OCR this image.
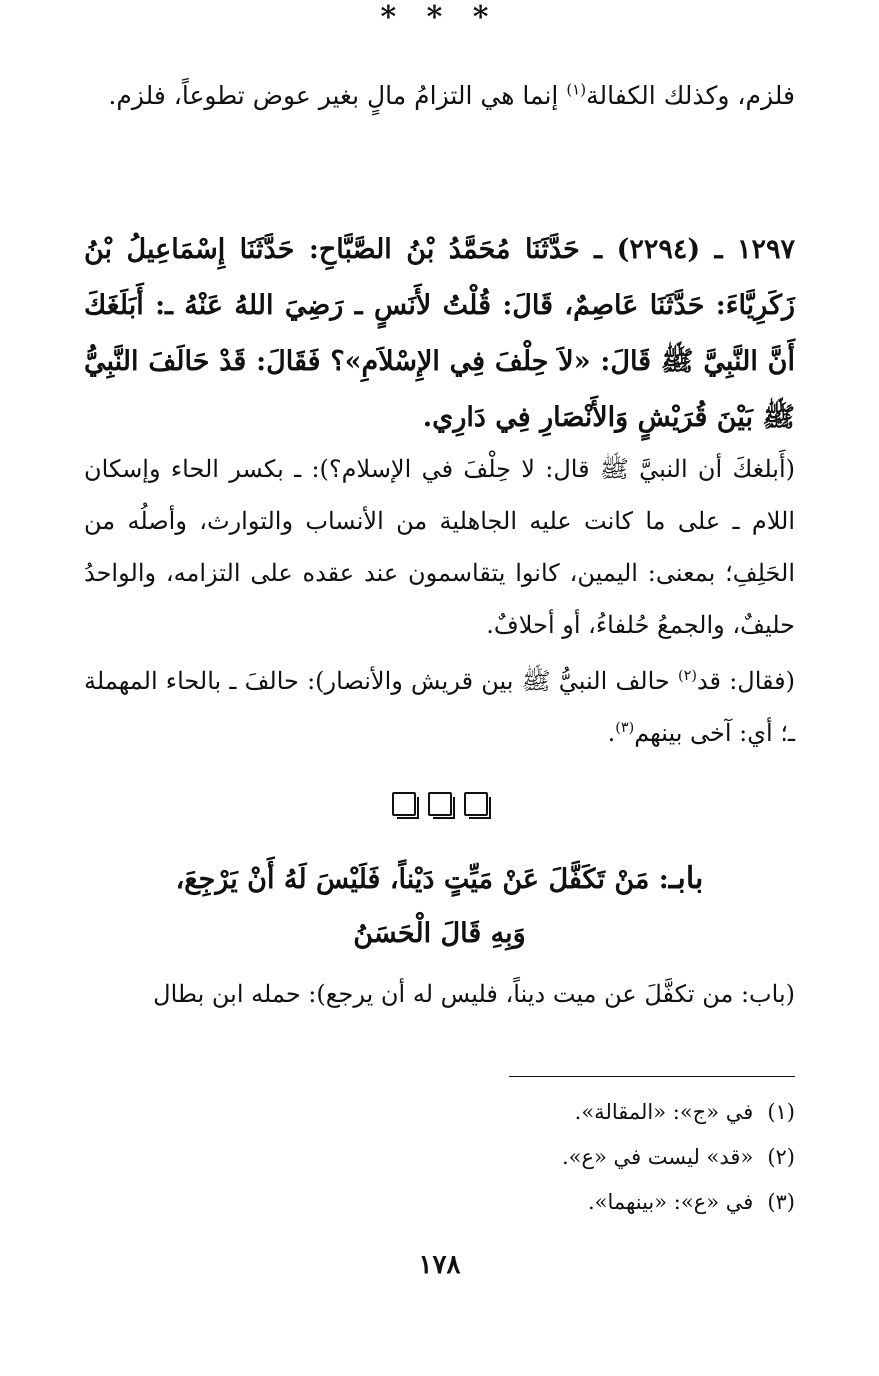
فلزم، وكذلك الكفالة$^{(١)}$ إنما هي التزامُ مالٍ بغير عوض تطوعاً، فلزم.
* * *
١٢٩٧ ـ (٢٢٩٤) ـ حَدَّثَنَا مُحَمَّدُ بْنُ الصَّبَّاحِ: حَدَّثَنَا إِسْمَاعِيلُ بْنُ زَكَرِيَّاءَ: حَدَّثَنَا عَاصِمٌ، قَالَ: قُلْتُ لأَنَسٍ ـ رَضِيَ اللهُ عَنْهُ ـ: أَبَلَغَكَ أَنَّ النَّبِيَّ ﷺ قَالَ: «لاَ حِلْفَ فِي الإِسْلاَمِ»؟ فَقَالَ: قَدْ حَالَفَ النَّبِيُّ ﷺ بَيْنَ قُرَيْشٍ وَالأَنْصَارِ فِي دَارِي.
(أَبلغكَ أن النبيَّ ﷺ قال: لا حِلْفَ في الإسلام؟): ـ بكسر الحاء وإسكان اللام ـ على ما كانت عليه الجاهلية من الأنساب والتوارث، وأصلُه من الحَلِفِ؛ بمعنى: اليمين، كانوا يتقاسمون عند عقده على التزامه، والواحدُ حليفٌ، والجمعُ حُلفاءُ، أو أحلافٌ.
(فقال: قد$^{(٢)}$ حالف النبيُّ ﷺ بين قريش والأنصار): حالفَ ـ بالحاء المهملة ـ؛ أي: آخى بينهم$^{(٣)}$.
بابـ: مَنْ تَكَفَّلَ عَنْ مَيِّتٍ دَيْناً، فَلَيْسَ لَهُ أَنْ يَرْجِعَ،
وَبِهِ قَالَ الْحَسَنُ
(باب: من تكفَّلَ عن ميت ديناً، فليس له أن يرجع): حمله ابن بطال
(١)في «ج»: «المقالة».
(٢)«قد» ليست في «ع».
(٣)في «ع»: «بينهما».
١٧٨
